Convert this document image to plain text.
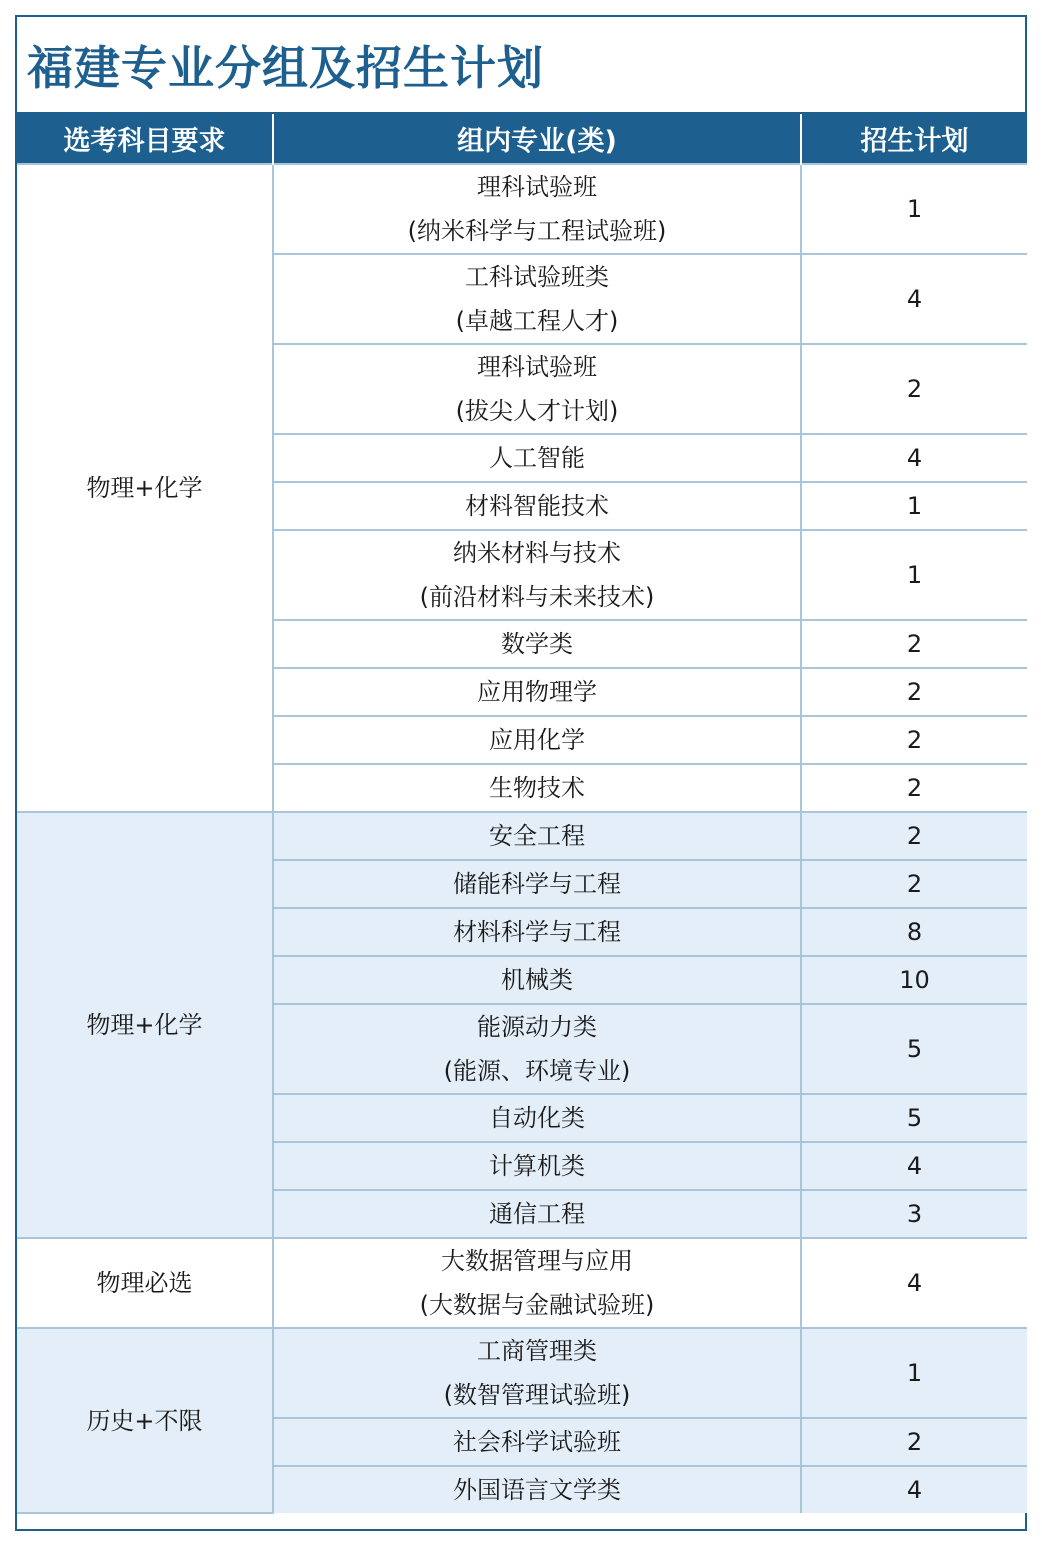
福建专业分组及招生计划
选考科目要求	组内专业(类)	招生计划
物理+化学	理科试验班
(纳米科学与工程试验班)	1

	工科试验班类
(卓越工程人才)	4

	理科试验班
(拔尖人才计划)	2

	人工智能	4

	材料智能技术	1

	纳米材料与技术
(前沿材料与未来技术)	1

	数学类	2

	应用物理学	2

	应用化学	2

	生物技术	2
物理+化学	安全工程	2

	储能科学与工程	2

	材料科学与工程	8

	机械类	10

	能源动力类
(能源、环境专业)	5

	自动化类	5

	计算机类	4

	通信工程	3
物理必选	大数据管理与应用
(大数据与金融试验班)	4
历史+不限	工商管理类
(数智管理试验班)	1

	社会科学试验班	2

	外国语言文学类	4
